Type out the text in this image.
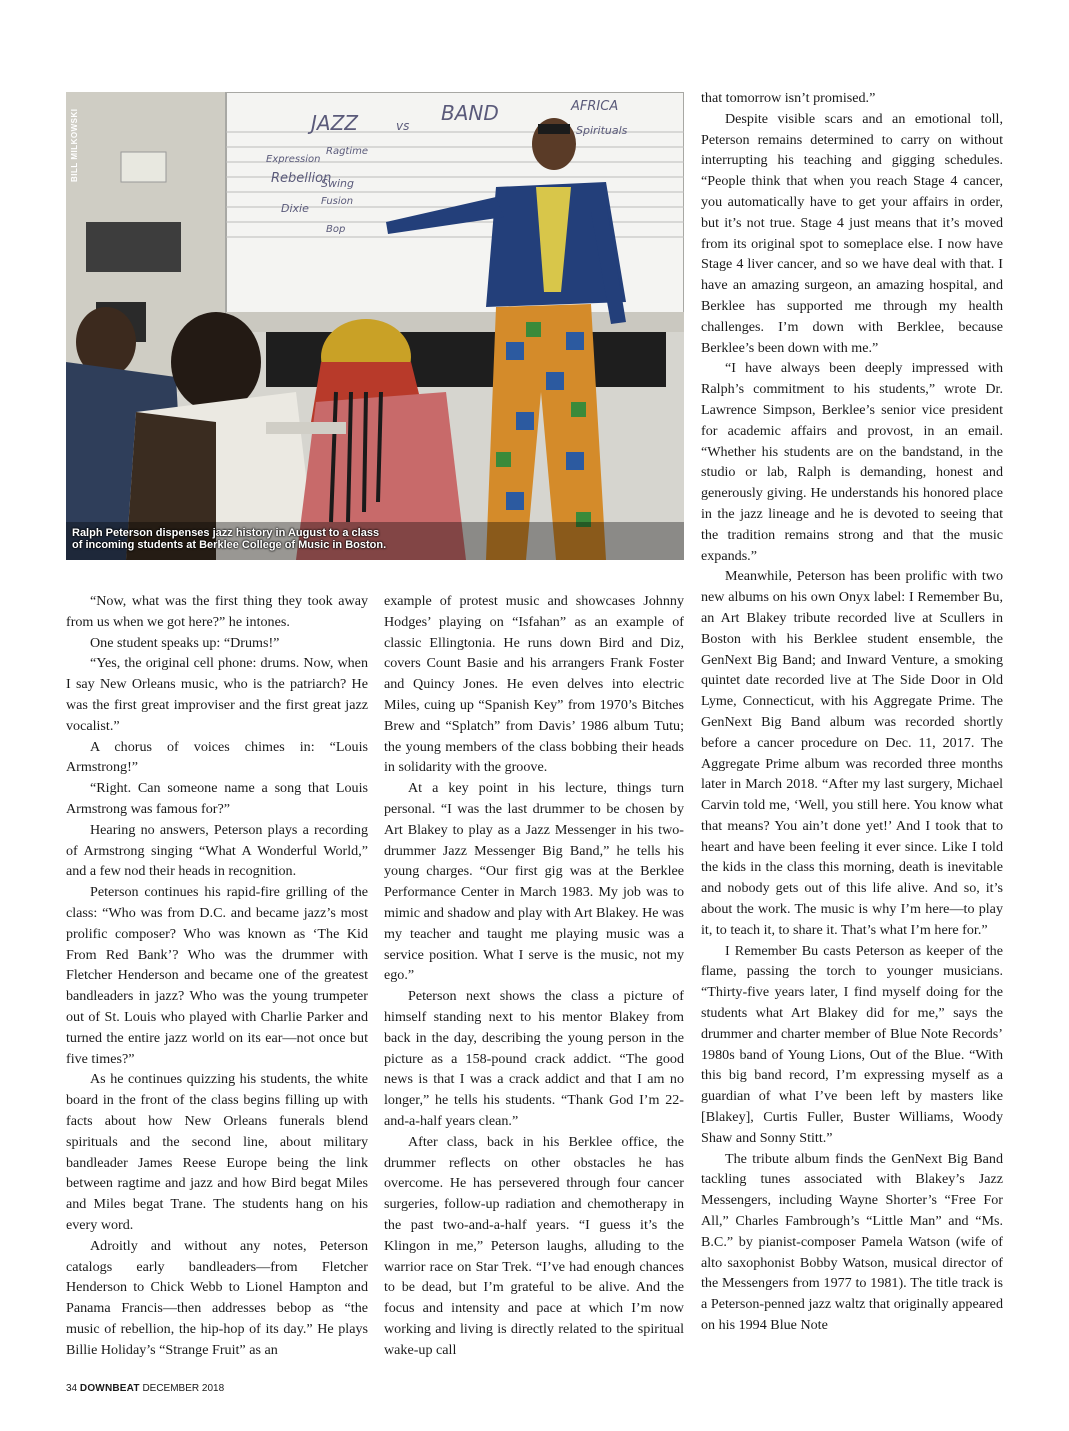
JAZZ	vs
BAND	AFRICA
Spirituals
Ragtime
Swing
Dixie
Bop
Fusion
Expression
Rebellion
BILL MILKOWSKI
Ralph Peterson dispenses jazz history in August to a class
of incoming students at Berklee College of Music in Boston.

“Now, what was the first thing they took away from us when we got here?” he intones.

One student speaks up: “Drums!”

“Yes, the original cell phone: drums. Now, when I say New Orleans music, who is the patriarch? He was the first great improviser and the first great jazz vocalist.”

A chorus of voices chimes in: “Louis Armstrong!”

“Right. Can someone name a song that Louis Armstrong was famous for?”

Hearing no answers, Peterson plays a recording of Armstrong singing “What A Wonderful World,” and a few nod their heads in recognition.

Peterson continues his rapid-fire grilling of the class: “Who was from D.C. and became jazz’s most prolific composer? Who was known as ‘The Kid From Red Bank’? Who was the drummer with Fletcher Henderson and became one of the greatest bandleaders in jazz? Who was the young trumpeter out of St. Louis who played with Charlie Parker and turned the entire jazz world on its ear—not once but five times?”

As he continues quizzing his students, the white board in the front of the class begins filling up with facts about how New Orleans funerals blend spirituals and the second line, about military bandleader James Reese Europe being the link between ragtime and jazz and how Bird begat Miles and Miles begat Trane. The students hang on his every word.

Adroitly and without any notes, Peterson catalogs early bandleaders—from Fletcher Henderson to Chick Webb to Lionel Hampton and Panama Francis—then addresses bebop as “the music of rebellion, the hip-hop of its day.” He plays Billie Holiday’s “Strange Fruit” as an

example of protest music and showcases Johnny Hodges’ playing on “Isfahan” as an example of classic Ellingtonia. He runs down Bird and Diz, covers Count Basie and his arrangers Frank Foster and Quincy Jones. He even delves into electric Miles, cuing up “Spanish Key” from 1970’s Bitches Brew and “Splatch” from Davis’ 1986 album Tutu; the young members of the class bobbing their heads in solidarity with the groove.

At a key point in his lecture, things turn personal. “I was the last drummer to be chosen by Art Blakey to play as a Jazz Messenger in his two-drummer Jazz Messenger Big Band,” he tells his young charges. “Our first gig was at the Berklee Performance Center in March 1983. My job was to mimic and shadow and play with Art Blakey. He was my teacher and taught me playing music was a service position. What I serve is the music, not my ego.”

Peterson next shows the class a picture of himself standing next to his mentor Blakey from back in the day, describing the young person in the picture as a 158-pound crack addict. “The good news is that I was a crack addict and that I am no longer,” he tells his students. “Thank God I’m 22-and-a-half years clean.”

After class, back in his Berklee office, the drummer reflects on other obstacles he has overcome. He has persevered through four cancer surgeries, follow-up radiation and chemotherapy in the past two-and-a-half years. “I guess it’s the Klingon in me,” Peterson laughs, alluding to the warrior race on Star Trek. “I’ve had enough chances to be dead, but I’m grateful to be alive. And the focus and intensity and pace at which I’m now working and living is directly related to the spiritual wake-up call

that tomorrow isn’t promised.”

Despite visible scars and an emotional toll, Peterson remains determined to carry on without interrupting his teaching and gigging schedules. “People think that when you reach Stage 4 cancer, you automatically have to get your affairs in order, but it’s not true. Stage 4 just means that it’s moved from its original spot to someplace else. I now have Stage 4 liver cancer, and so we have deal with that. I have an amazing surgeon, an amazing hospital, and Berklee has supported me through my health challenges. I’m down with Berklee, because Berklee’s been down with me.”

“I have always been deeply impressed with Ralph’s commitment to his students,” wrote Dr. Lawrence Simpson, Berklee’s senior vice president for academic affairs and provost, in an email. “Whether his students are on the bandstand, in the studio or lab, Ralph is demanding, honest and generously giving. He understands his honored place in the jazz lineage and he is devoted to seeing that the tradition remains strong and that the music expands.”

Meanwhile, Peterson has been prolific with two new albums on his own Onyx label: I Remember Bu, an Art Blakey tribute recorded live at Scullers in Boston with his Berklee student ensemble, the GenNext Big Band; and Inward Venture, a smoking quintet date recorded live at The Side Door in Old Lyme, Connecticut, with his Aggregate Prime. The GenNext Big Band album was recorded shortly before a cancer procedure on Dec. 11, 2017. The Aggregate Prime album was recorded three months later in March 2018. “After my last surgery, Michael Carvin told me, ‘Well, you still here. You know what that means? You ain’t done yet!’ And I took that to heart and have been feeling it ever since. Like I told the kids in the class this morning, death is inevitable and nobody gets out of this life alive. And so, it’s about the work. The music is why I’m here—to play it, to teach it, to share it. That’s what I’m here for.”

I Remember Bu casts Peterson as keeper of the flame, passing the torch to younger musicians. “Thirty-five years later, I find myself doing for the students what Art Blakey did for me,” says the drummer and charter member of Blue Note Records’ 1980s band of Young Lions, Out of the Blue. “With this big band record, I’m expressing myself as a guardian of what I’ve been left by masters like [Blakey], Curtis Fuller, Buster Williams, Woody Shaw and Sonny Stitt.”

The tribute album finds the GenNext Big Band tackling tunes associated with Blakey’s Jazz Messengers, including Wayne Shorter’s “Free For All,” Charles Fambrough’s “Little Man” and “Ms. B.C.” by pianist-composer Pamela Watson (wife of alto saxophonist Bobby Watson, musical director of the Messengers from 1977 to 1981). The title track is a Peterson-penned jazz waltz that originally appeared on his 1994 Blue Note

34 DOWNBEAT DECEMBER 2018
